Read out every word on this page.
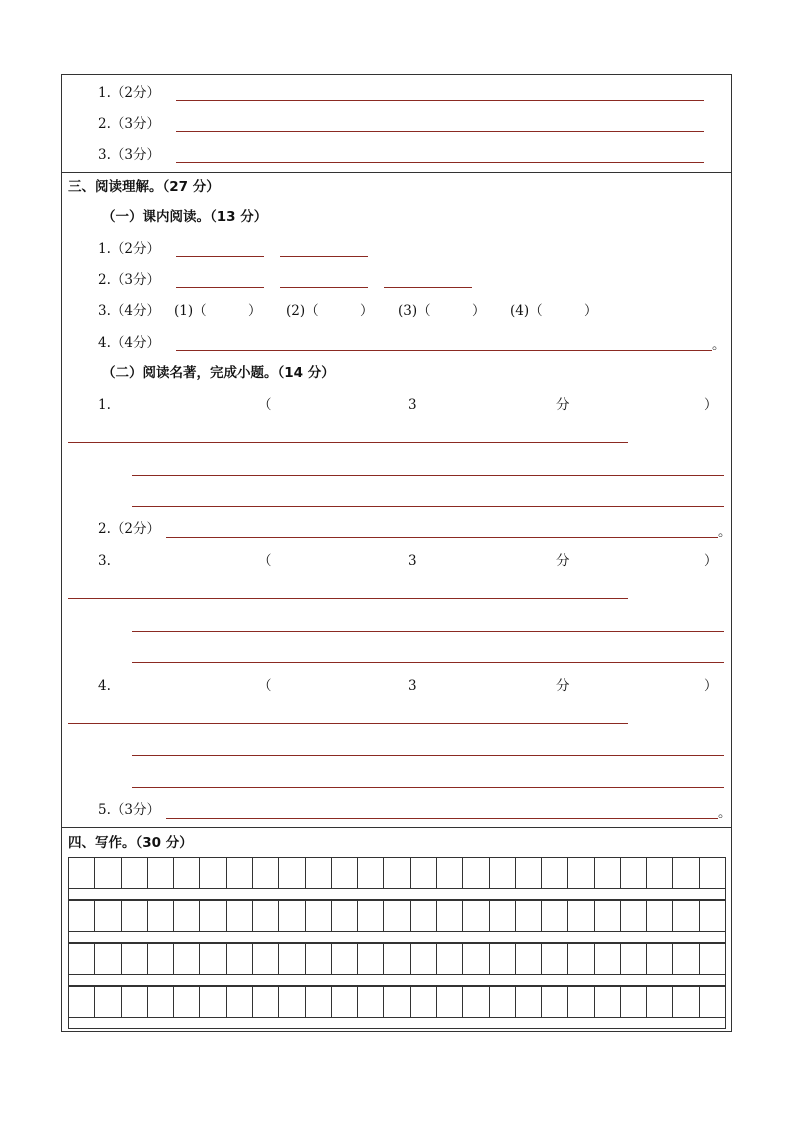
1.（2分）
2.（3分）
3.（3分）
三、阅读理解。（27 分）
（一）课内阅读。（13 分）
1.（2分）
2.（3分）
3.（4分） (1)（	） (2)（	） (3)（	） (4)（	）
4.（4分）	。
（二）阅读名著，完成小题。（14 分）
1.	（	3	分	）
2.（2分）	。
3.	（	3	分	）
4.	（	3	分	）
5.（3分）	。
四、写作。（30 分）
